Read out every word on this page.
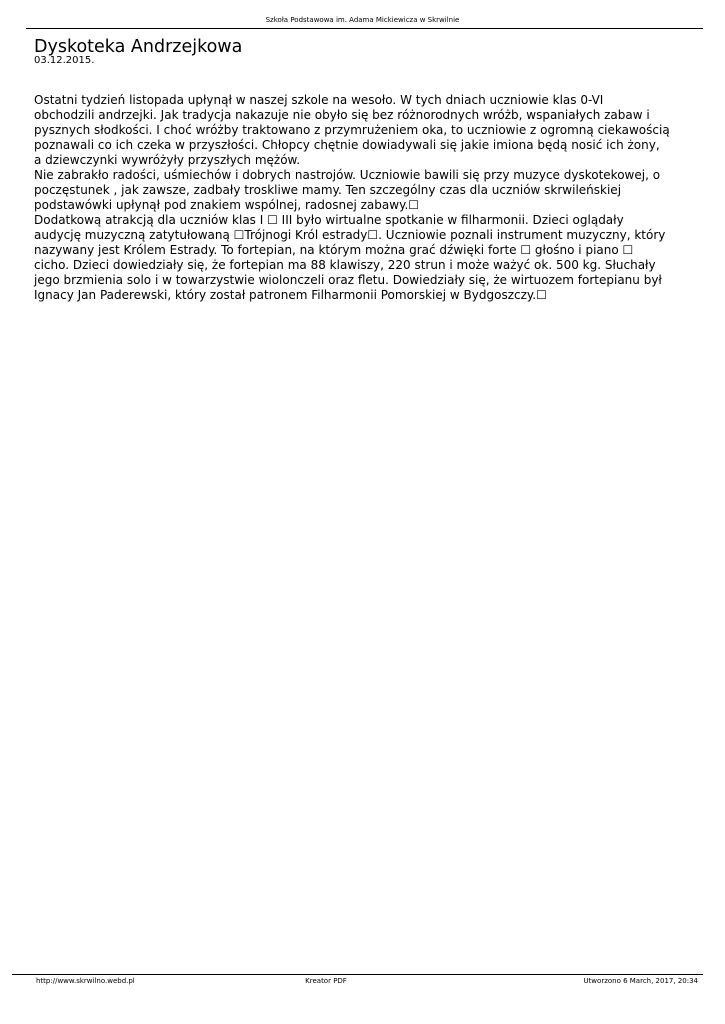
Szkoła Podstawowa im. Adama Mickiewicza w Skrwilnie
Dyskoteka Andrzejkowa
03.12.2015.

Ostatni tydzień listopada upłynął w naszej szkole na wesoło. W tych dniach uczniowie klas 0-VI

obchodzili andrzejki. Jak tradycja nakazuje nie obyło się bez różnorodnych wróżb, wspaniałych zabaw i

pysznych słodkości. I choć wróżby traktowano z przymrużeniem oka, to uczniowie z ogromną ciekawością

poznawali co ich czeka w przyszłości. Chłopcy chętnie dowiadywali się jakie imiona będą nosić ich żony,

a dziewczynki wywróżyły przyszłych mężów.

Nie zabrakło radości, uśmiechów i dobrych nastrojów. Uczniowie bawili się przy muzyce dyskotekowej, o

poczęstunek , jak zawsze, zadbały troskliwe mamy. Ten szczególny czas dla uczniów skrwileńskiej

podstawówki upłynął pod znakiem wspólnej, radosnej zabawy.☐

Dodatkową atrakcją dla uczniów klas I ☐ III było wirtualne spotkanie w filharmonii. Dzieci oglądały

audycję muzyczną zatytułowaną ☐Trójnogi Król estrady☐. Uczniowie poznali instrument muzyczny, który

nazywany jest Królem Estrady. To fortepian, na którym można grać dźwięki forte ☐ głośno i piano ☐

cicho. Dzieci dowiedziały się, że fortepian ma 88 klawiszy, 220 strun i może ważyć ok. 500 kg. Słuchały

jego brzmienia solo i w towarzystwie wiolonczeli oraz fletu. Dowiedziały się, że wirtuozem fortepianu był

Ignacy Jan Paderewski, który został patronem Filharmonii Pomorskiej w Bydgoszczy.☐

http://www.skrwilno.webd.pl	Kreator PDF	Utworzono 6 March, 2017, 20:34
